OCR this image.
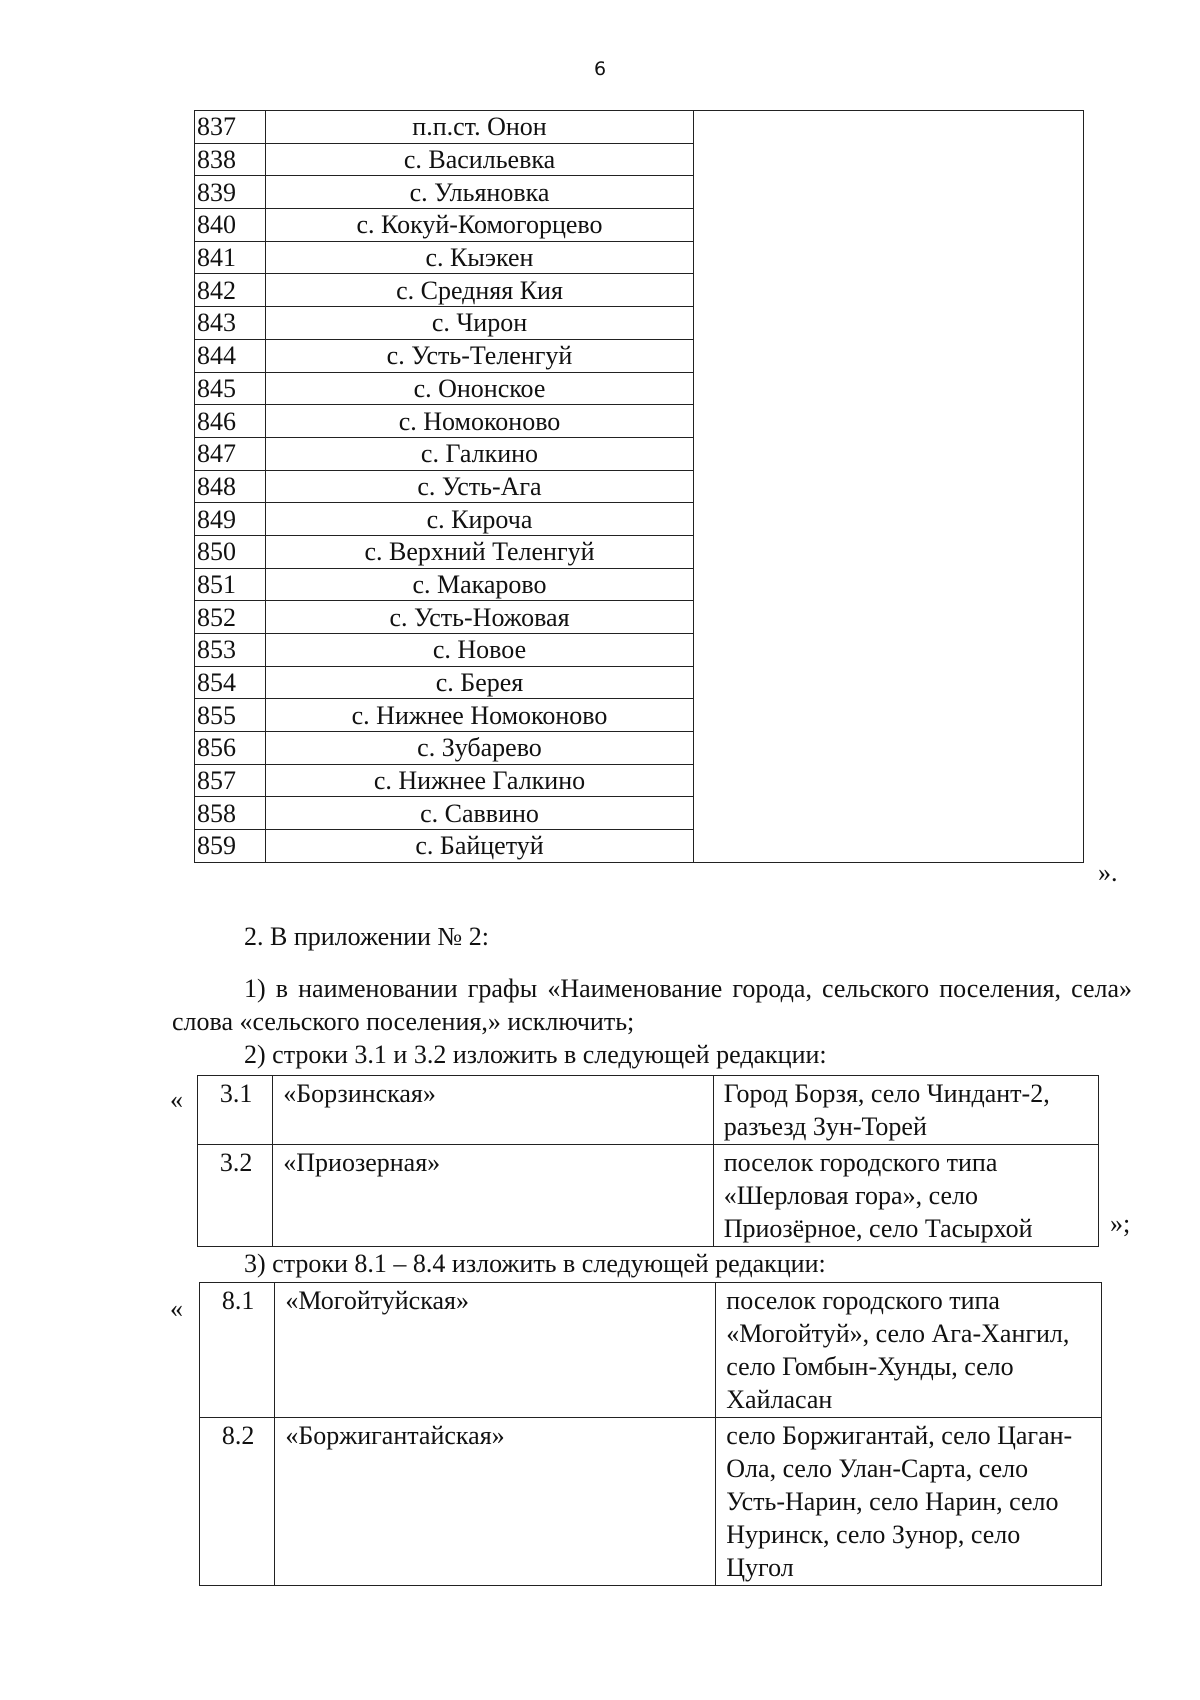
6
837	п.п.ст. Онон	
838	с. Васильевка	
839	с. Ульяновка	
840	с. Кокуй-Комогорцево	
841	с. Кыэкен	
842	с. Средняя Кия	
843	с. Чирон	
844	с. Усть-Теленгуй	
845	с. Ононское	
846	с. Номоконово	
847	с. Галкино	
848	с. Усть-Ага	
849	с. Кироча	
850	с. Верхний Теленгуй	
851	с. Макарово	
852	с. Усть-Ножовая	
853	с. Новое	
854	с. Берея	
855	с. Нижнее Номоконово	
856	с. Зубарево	
857	с. Нижнее Галкино	
858	с. Саввино	
859	с. Байцетуй	
».
2. В приложении № 2:
1) в наименовании графы «Наименование города, сельского поселения, села» слова «сельского поселения,» исключить;
2) строки 3.1 и 3.2 изложить в следующей редакции:
« 3.1	«Борзинская»	Город Борзя, село Чиндант-2, разъезд Зун-Торей
3.2	«Приозерная»	поселок городского типа «Шерловая гора», село Приозёрное, село Тасырхой	»;
3) строки 8.1 – 8.4 изложить в следующей редакции:
« 8.1	«Могойтуйская»	поселок городского типа «Могойтуй», село Ага-Хангил, село Гомбын-Хунды, село Хайласан
8.2	«Боржигантайская»	село Боржигантай, село Цаган-Ола, село Улан-Сарта, село Усть-Нарин, село Нарин, село Нуринск, село Зунор, село Цугол
